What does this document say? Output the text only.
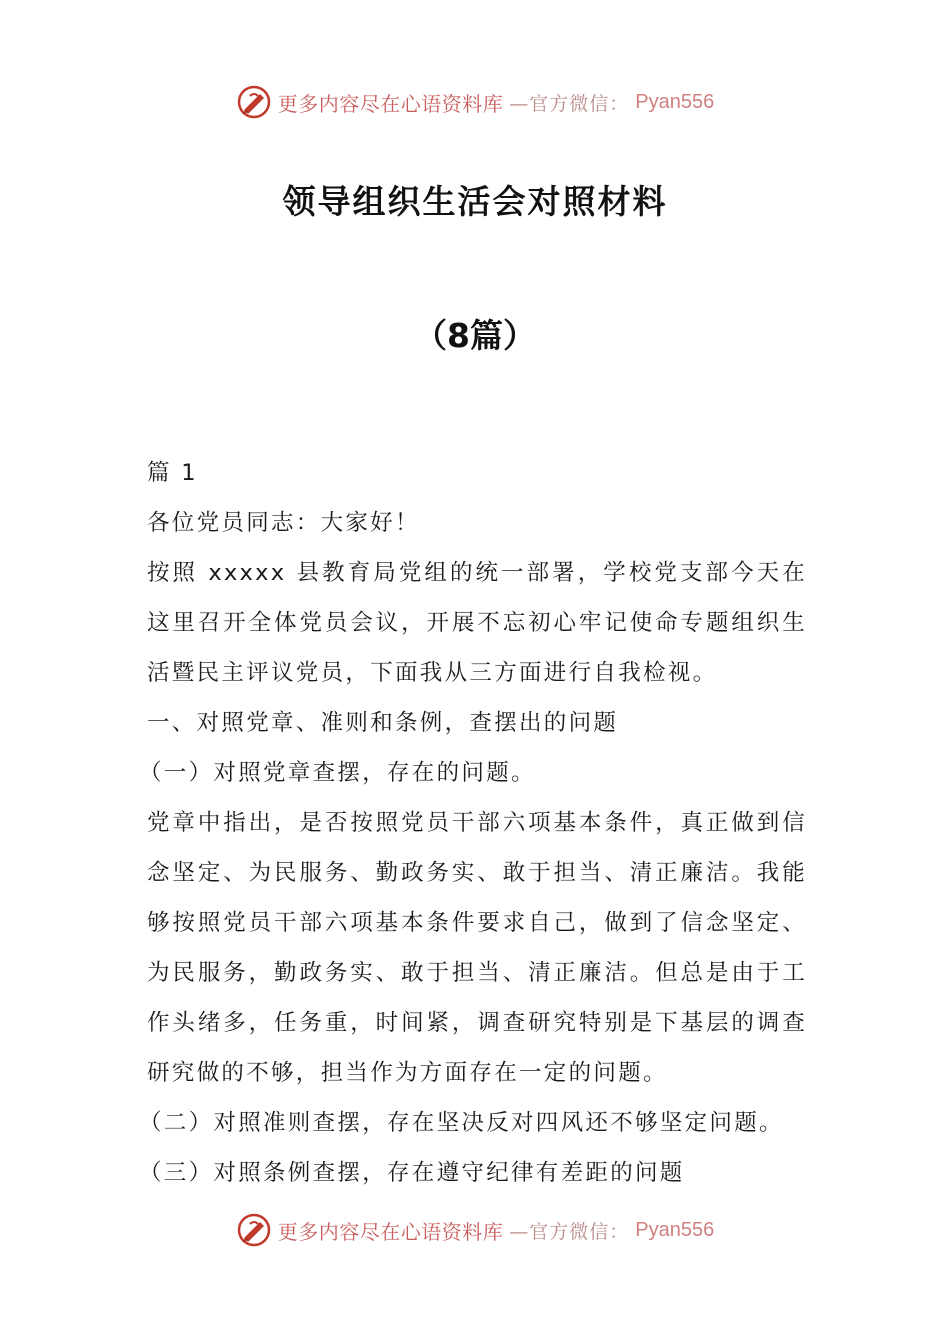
更多内容尽在心语资料库 —官方微信： Pyan556
领导组织生活会对照材料
（8篇）

篇 1

各位党员同志：大家好！

按照 xxxxx 县教育局党组的统一部署，学校党支部今天在这里召开全体党员会议，开展不忘初心牢记使命专题组织生活暨民主评议党员，下面我从三方面进行自我检视。

一、对照党章、准则和条例，查摆出的问题

（一）对照党章查摆，存在的问题。

党章中指出，是否按照党员干部六项基本条件，真正做到信念坚定、为民服务、勤政务实、敢于担当、清正廉洁。我能够按照党员干部六项基本条件要求自己，做到了信念坚定、为民服务，勤政务实、敢于担当、清正廉洁。但总是由于工作头绪多，任务重，时间紧，调查研究特别是下基层的调查研究做的不够，担当作为方面存在一定的问题。

（二）对照准则查摆，存在坚决反对四风还不够坚定问题。

（三）对照条例查摆，存在遵守纪律有差距的问题

更多内容尽在心语资料库 —官方微信： Pyan556
